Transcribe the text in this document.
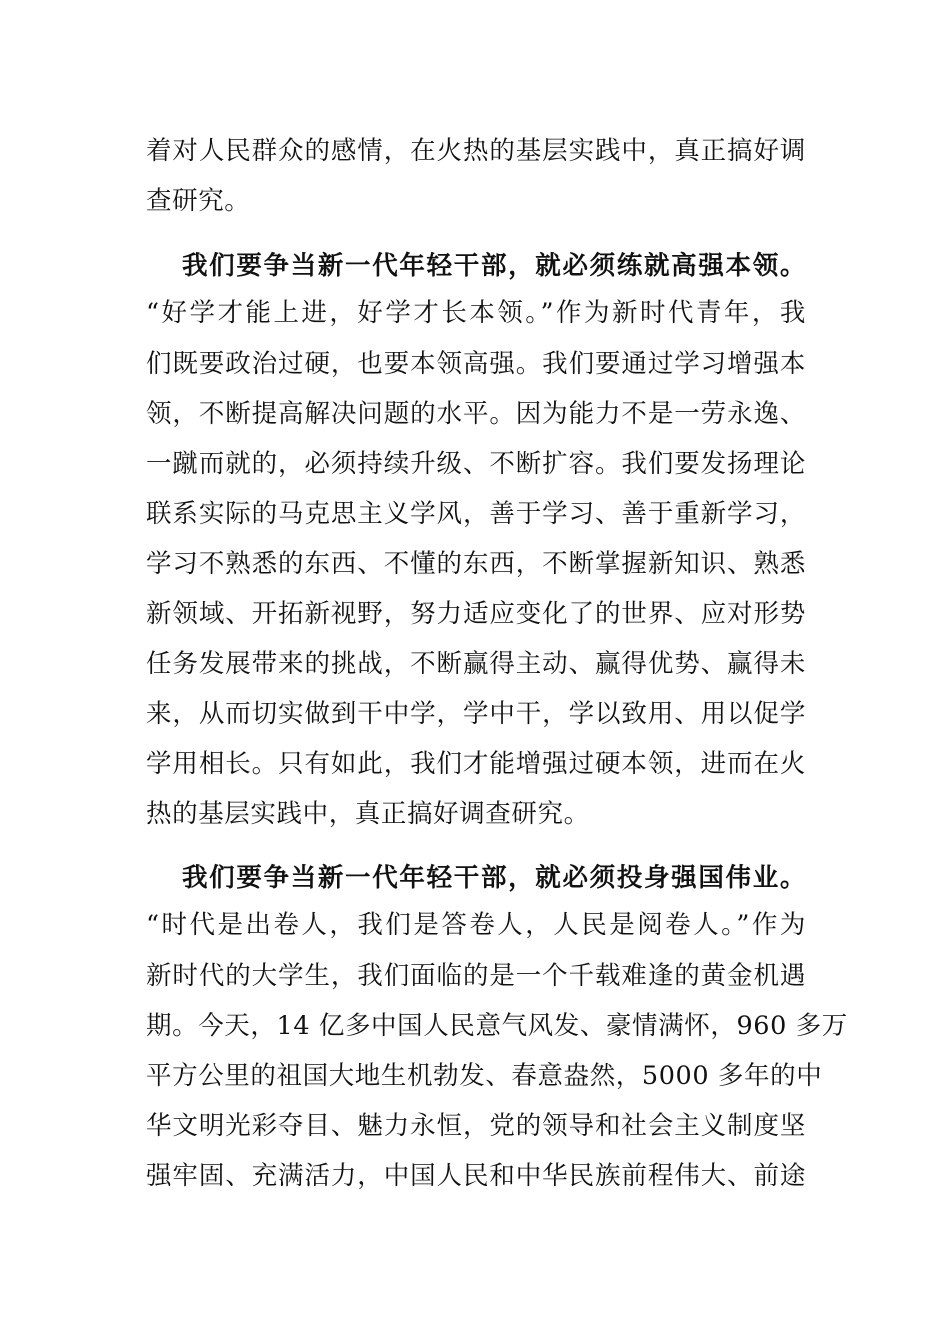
着对人民群众的感情，在火热的基层实践中，真正搞好调
查研究。
我们要争当新一代年轻干部，就必须练就高强本领。
“好学才能上进，好学才长本领。”作为新时代青年，我
们既要政治过硬，也要本领高强。我们要通过学习增强本
领，不断提高解决问题的水平。因为能力不是一劳永逸、
一蹴而就的，必须持续升级、不断扩容。我们要发扬理论
联系实际的马克思主义学风，善于学习、善于重新学习，
学习不熟悉的东西、不懂的东西，不断掌握新知识、熟悉
新领域、开拓新视野，努力适应变化了的世界、应对形势
任务发展带来的挑战，不断赢得主动、赢得优势、赢得未
来，从而切实做到干中学，学中干，学以致用、用以促学
学用相长。只有如此，我们才能增强过硬本领，进而在火
热的基层实践中，真正搞好调查研究。
我们要争当新一代年轻干部，就必须投身强国伟业。
“时代是出卷人，我们是答卷人，人民是阅卷人。”作为
新时代的大学生，我们面临的是一个千载难逢的黄金机遇
期。今天，14 亿多中国人民意气风发、豪情满怀，960 多万
平方公里的祖国大地生机勃发、春意盎然，5000 多年的中
华文明光彩夺目、魅力永恒，党的领导和社会主义制度坚
强牢固、充满活力，中国人民和中华民族前程伟大、前途
